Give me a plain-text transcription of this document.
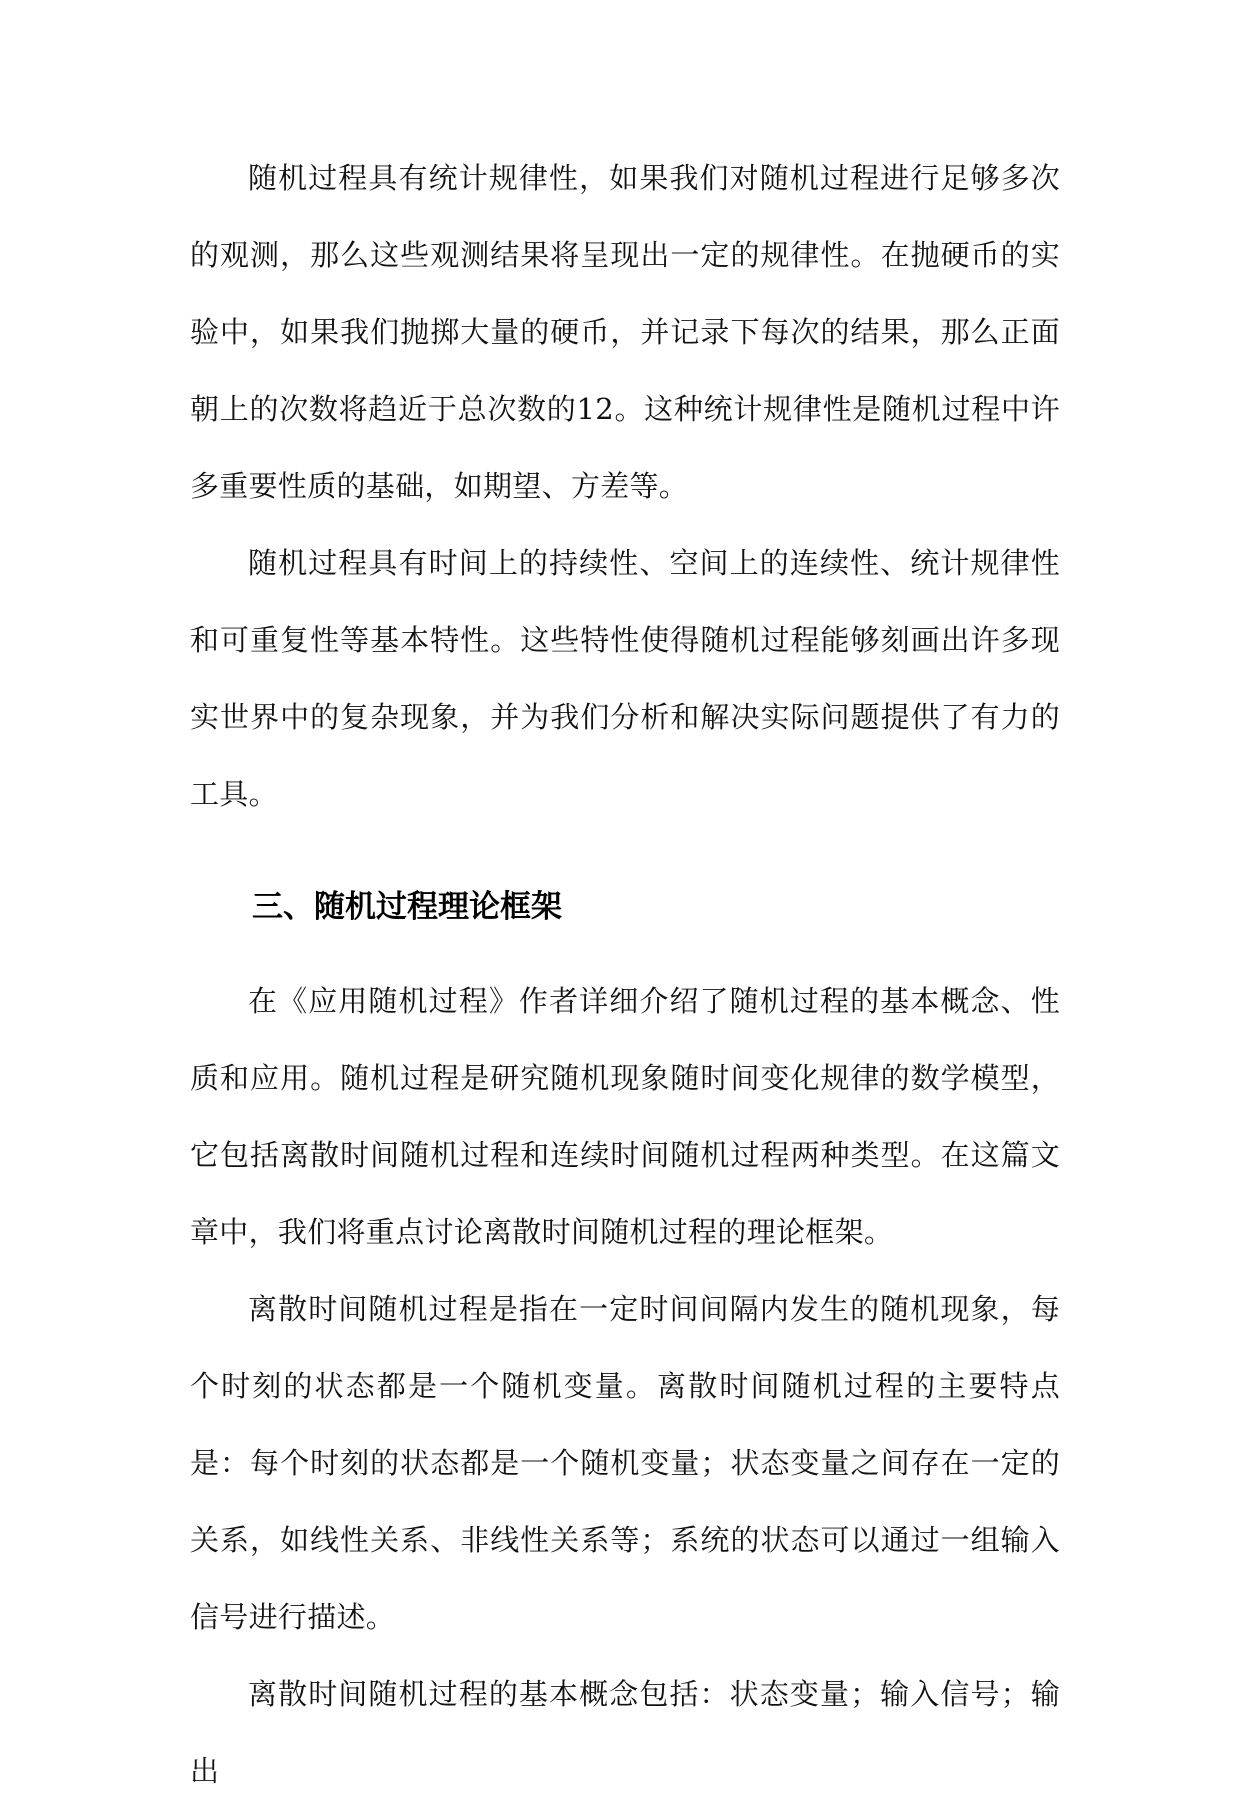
随机过程具有统计规律性，如果我们对随机过程进行足够多次的观测，那么这些观测结果将呈现出一定的规律性。在抛硬币的实验中，如果我们抛掷大量的硬币，并记录下每次的结果，那么正面朝上的次数将趋近于总次数的12。这种统计规律性是随机过程中许多重要性质的基础，如期望、方差等。

随机过程具有时间上的持续性、空间上的连续性、统计规律性和可重复性等基本特性。这些特性使得随机过程能够刻画出许多现实世界中的复杂现象，并为我们分析和解决实际问题提供了有力的工具。

三、随机过程理论框架

在《应用随机过程》作者详细介绍了随机过程的基本概念、性质和应用。随机过程是研究随机现象随时间变化规律的数学模型，它包括离散时间随机过程和连续时间随机过程两种类型。在这篇文章中，我们将重点讨论离散时间随机过程的理论框架。

离散时间随机过程是指在一定时间间隔内发生的随机现象，每个时刻的状态都是一个随机变量。离散时间随机过程的主要特点是：每个时刻的状态都是一个随机变量；状态变量之间存在一定的关系，如线性关系、非线性关系等；系统的状态可以通过一组输入信号进行描述。

离散时间随机过程的基本概念包括：状态变量；输入信号；输出
